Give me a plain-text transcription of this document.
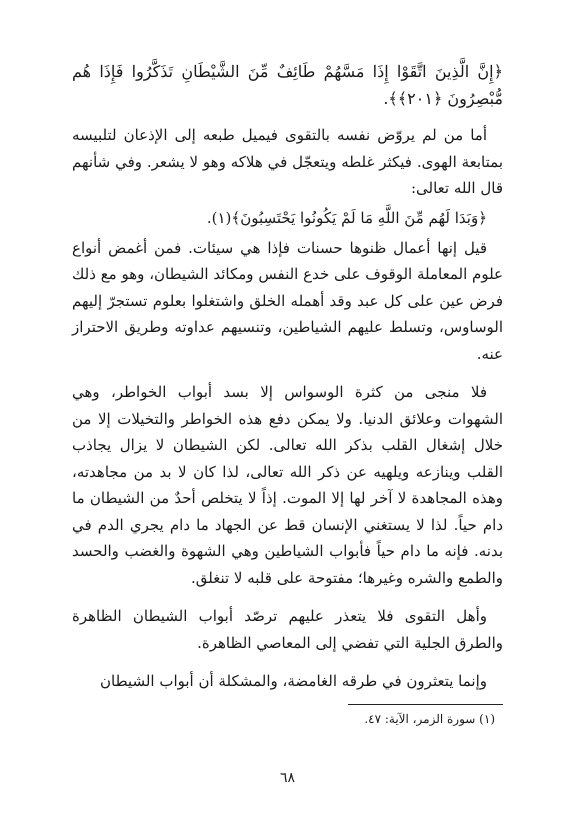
﴿إِنَّ الَّذِينَ اتَّقَوْا إِذَا مَسَّهُمْ طَائِفٌ مِّنَ الشَّيْطَانِ تَذَكَّرُوا فَإِذَا هُم مُّبْصِرُونَ ﴿٢٠١﴾﴾.

أما من لم يروّض نفسه بالتقوى فيميل طبعه إلى الإذعان لتلبيسه بمتابعة الهوى. فيكثر غلطه ويتعجّل في هلاكه وهو لا يشعر. وفي شأنهم قال الله تعالى:

﴿وَبَدَا لَهُم مِّنَ اللَّهِ مَا لَمْ يَكُونُوا يَحْتَسِبُونَ﴾(١).

قيل إنها أعمال ظنوها حسنات فإذا هي سيئات. فمن أغمض أنواع علوم المعاملة الوقوف على خدع النفس ومكائد الشيطان، وهو مع ذلك فرض عين على كل عبد وقد أهمله الخلق واشتغلوا بعلوم تستجرّ إليهم الوساوس، وتسلط عليهم الشياطين، وتنسيهم عداوته وطريق الاحتراز عنه.

فلا منجى من كثرة الوسواس إلا بسد أبواب الخواطر، وهي الشهوات وعلائق الدنيا. ولا يمكن دفع هذه الخواطر والتخيلات إلا من خلال إشغال القلب بذكر الله تعالى. لكن الشيطان لا يزال يجاذب القلب وينازعه ويلهيه عن ذكر الله تعالى، لذا كان لا بد من مجاهدته، وهذه المجاهدة لا آخر لها إلا الموت. إذاً لا يتخلص أحدٌ من الشيطان ما دام حياً. لذا لا يستغني الإنسان قط عن الجهاد ما دام يجري الدم في بدنه. فإنه ما دام حياً فأبواب الشياطين وهي الشهوة والغضب والحسد والطمع والشره وغيرها؛ مفتوحة على قلبه لا تنغلق.

وأهل التقوى فلا يتعذر عليهم ترصّد أبواب الشيطان الظاهرة والطرق الجلية التي تفضي إلى المعاصي الظاهرة.

وإنما يتعثرون في طرقه الغامضة، والمشكلة أن أبواب الشيطان

(١) سورة الزمر، الآية: ٤٧.
٦٨
